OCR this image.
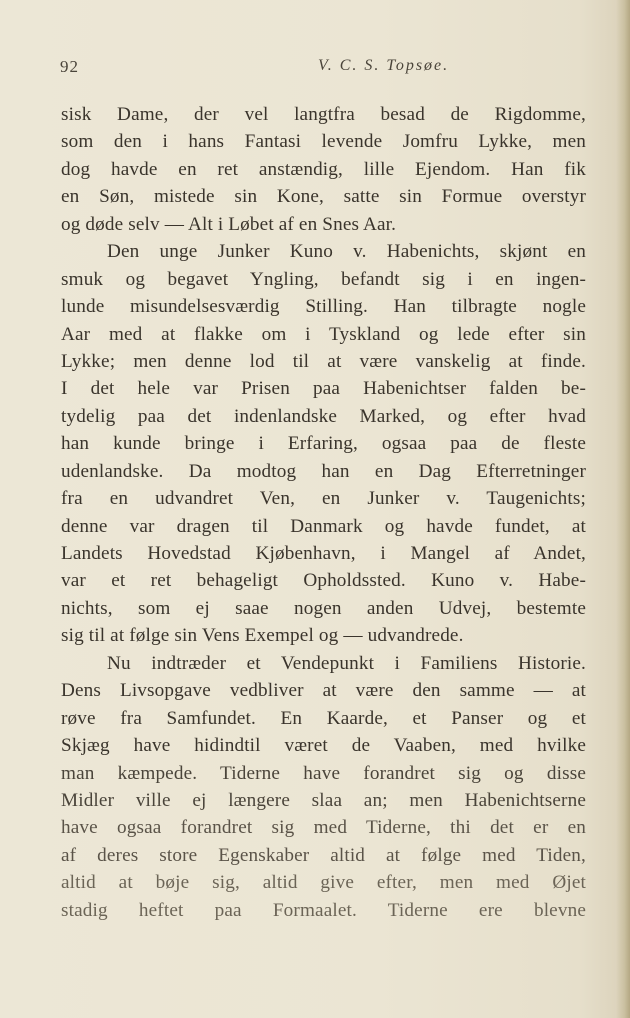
92	V. C. S. Topsøe.
sisk Dame, der vel langtfra besad de Rigdomme,
som den i hans Fantasi levende Jomfru Lykke, men
dog havde en ret anstændig, lille Ejendom. Han fik
en Søn, mistede sin Kone, satte sin Formue overstyr
og døde selv — Alt i Løbet af en Snes Aar.
Den unge Junker Kuno v. Habenichts, skjønt en
smuk og begavet Yngling, befandt sig i en ingen-
lunde misundelsesværdig Stilling. Han tilbragte nogle
Aar med at flakke om i Tyskland og lede efter sin
Lykke; men denne lod til at være vanskelig at finde.
I det hele var Prisen paa Habenichtser falden be-
tydelig paa det indenlandske Marked, og efter hvad
han kunde bringe i Erfaring, ogsaa paa de fleste
udenlandske. Da modtog han en Dag Efterretninger
fra en udvandret Ven, en Junker v. Taugenichts;
denne var dragen til Danmark og havde fundet, at
Landets Hovedstad Kjøbenhavn, i Mangel af Andet,
var et ret behageligt Opholdssted. Kuno v. Habe-
nichts, som ej saae nogen anden Udvej, bestemte
sig til at følge sin Vens Exempel og — udvandrede.
Nu indtræder et Vendepunkt i Familiens Historie.
Dens Livsopgave vedbliver at være den samme — at
røve fra Samfundet. En Kaarde, et Panser og et
Skjæg have hidindtil været de Vaaben, med hvilke
man kæmpede. Tiderne have forandret sig og disse
Midler ville ej længere slaa an; men Habenichtserne
have ogsaa forandret sig med Tiderne, thi det er en
af deres store Egenskaber altid at følge med Tiden,
altid at bøje sig, altid give efter, men med Øjet
stadig heftet paa Formaalet. Tiderne ere blevne
